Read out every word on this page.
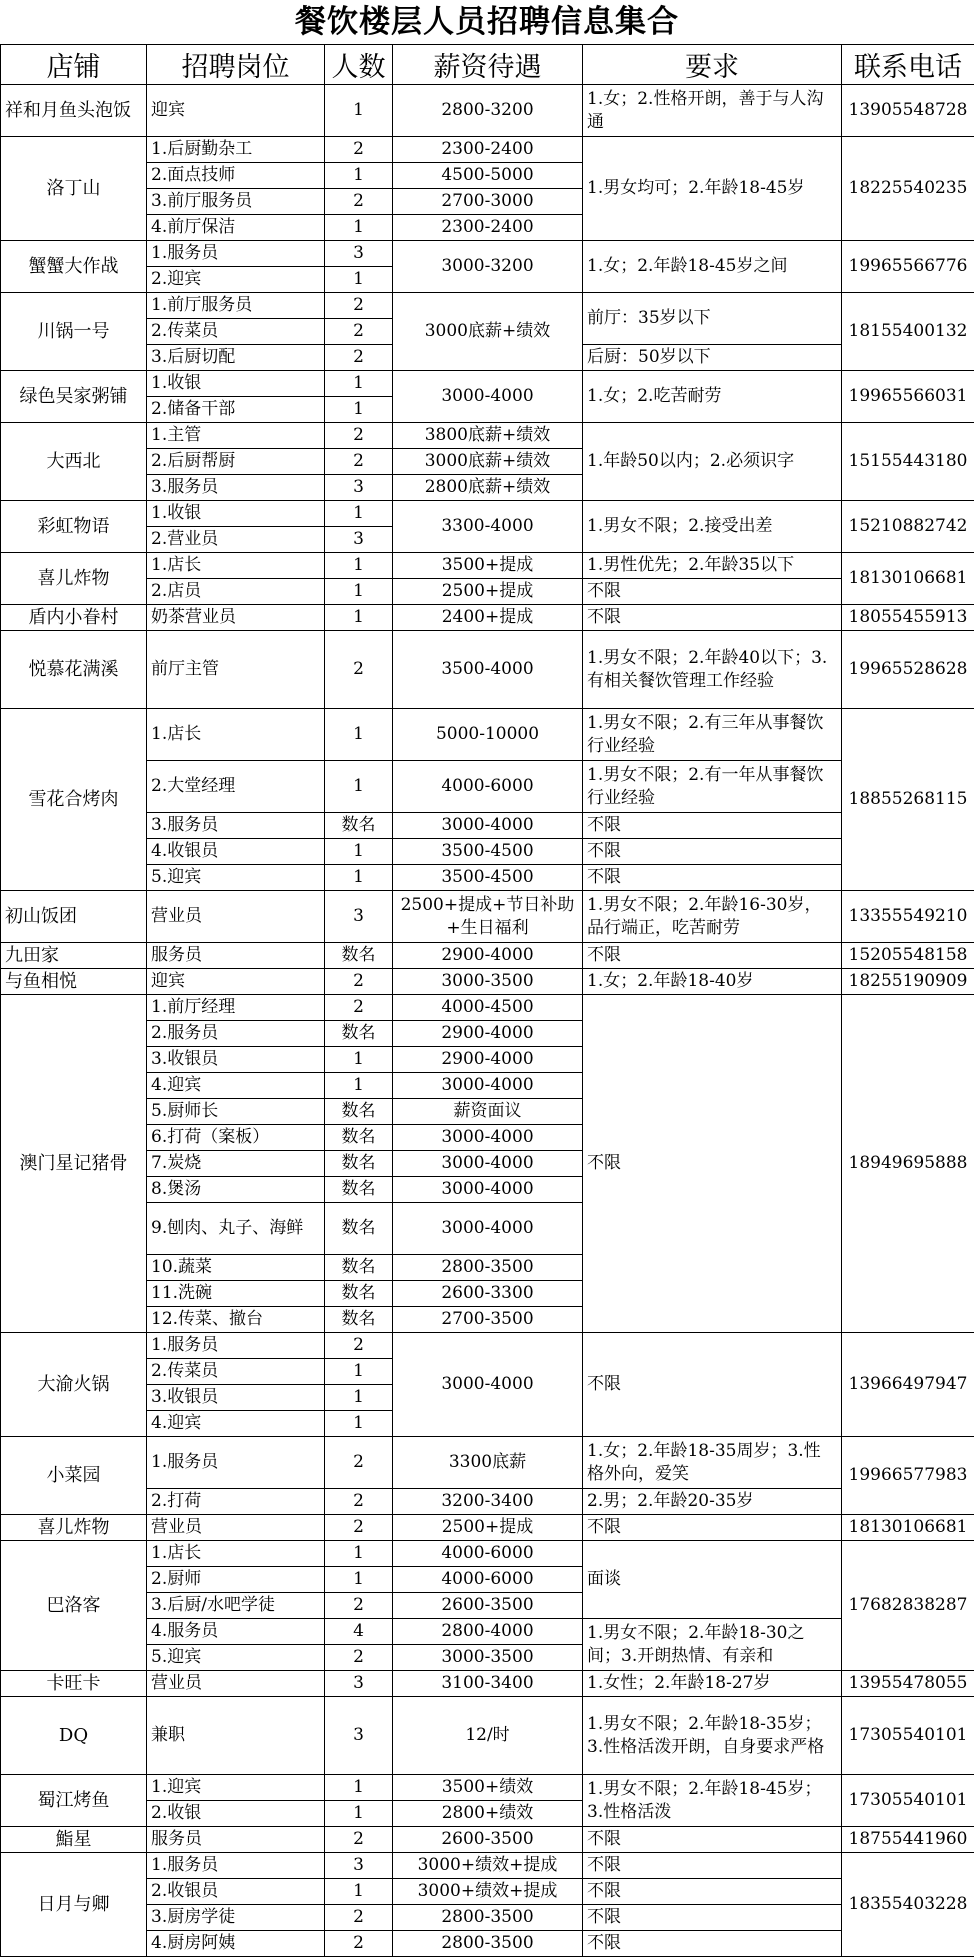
餐饮楼层人员招聘信息集合
店铺	招聘岗位	人数	薪资待遇	要求	联系电话
祥和月鱼头泡饭	迎宾	1	2800-3200	1.女；2.性格开朗，善于与人沟通	13905548728
洛丁山	1.后厨勤杂工	2	2300-2400	1.男女均可；2.年龄18-45岁	18225540235
	2.面点技师	1	4500-5000		
	3.前厅服务员	2	2700-3000		
	4.前厅保洁	1	2300-2400		
蟹蟹大作战	1.服务员	3	3000-3200	1.女；2.年龄18-45岁之间	19965566776
	2.迎宾	1			
川锅一号	1.前厅服务员	2	3000底薪+绩效	前厅：35岁以下	18155400132
	2.传菜员	2			
	3.后厨切配	2		后厨：50岁以下	
绿色吴家粥铺	1.收银	1	3000-4000	1.女；2.吃苦耐劳	19965566031
	2.储备干部	1			
大西北	1.主管	2	3800底薪+绩效	1.年龄50以内；2.必须识字	15155443180
	2.后厨帮厨	2	3000底薪+绩效		
	3.服务员	3	2800底薪+绩效		
彩虹物语	1.收银	1	3300-4000	1.男女不限；2.接受出差	15210882742
	2.营业员	3			
喜儿炸物	1.店长	1	3500+提成	1.男性优先；2.年龄35以下	18130106681
	2.店员	1	2500+提成	不限	
盾内小眷村	奶茶营业员	1	2400+提成	不限	18055455913
悦慕花满溪	前厅主管	2	3500-4000	1.男女不限；2.年龄40以下；3.有相关餐饮管理工作经验	19965528628
雪花合烤肉	1.店长	1	5000-10000	1.男女不限；2.有三年从事餐饮行业经验	18855268115
	2.大堂经理	1	4000-6000	1.男女不限；2.有一年从事餐饮行业经验	
	3.服务员	数名	3000-4000	不限	
	4.收银员	1	3500-4500	不限	
	5.迎宾	1	3500-4500	不限	
初山饭团	营业员	3	2500+提成+节日补助+生日福利	1.男女不限；2.年龄16-30岁，品行端正，吃苦耐劳	13355549210
九田家	服务员	数名	2900-4000	不限	15205548158
与鱼相悦	迎宾	2	3000-3500	1.女；2.年龄18-40岁	18255190909
澳门星记猪骨	1.前厅经理	2	4000-4500	不限	18949695888
	2.服务员	数名	2900-4000		
	3.收银员	1	2900-4000		
	4.迎宾	1	3000-4000		
	5.厨师长	数名	薪资面议		
	6.打荷（案板）	数名	3000-4000		
	7.炭烧	数名	3000-4000		
	8.煲汤	数名	3000-4000		
	9.刨肉、丸子、海鲜	数名	3000-4000		
	10.蔬菜	数名	2800-3500		
	11.洗碗	数名	2600-3300		
	12.传菜、撤台	数名	2700-3500		
大渝火锅	1.服务员	2	3000-4000	不限	13966497947
	2.传菜员	1			
	3.收银员	1			
	4.迎宾	1			
小菜园	1.服务员	2	3300底薪	1.女；2.年龄18-35周岁；3.性格外向，爱笑	19966577983
	2.打荷	2	3200-3400	2.男；2.年龄20-35岁	
喜儿炸物	营业员	2	2500+提成	不限	18130106681
巴洛客	1.店长	1	4000-6000	面谈	17682838287
	2.厨师	1	4000-6000		
	3.后厨/水吧学徒	2	2600-3500		
	4.服务员	4	2800-4000	1.男女不限；2.年龄18-30之间；3.开朗热情、有亲和	
	5.迎宾	2	3000-3500		
卡旺卡	营业员	3	3100-3400	1.女性；2.年龄18-27岁	13955478055
DQ	兼职	3	12/时	1.男女不限；2.年龄18-35岁；3.性格活泼开朗，自身要求严格	17305540101
蜀江烤鱼	1.迎宾	1	3500+绩效	1.男女不限；2.年龄18-45岁；3.性格活泼	17305540101
	2.收银	1	2800+绩效		
鮨星	服务员	2	2600-3500	不限	18755441960
日月与卿	1.服务员	3	3000+绩效+提成	不限	18355403228
	2.收银员	1	3000+绩效+提成	不限	
	3.厨房学徒	2	2800-3500	不限	
	4.厨房阿姨	2	2800-3500	不限	
